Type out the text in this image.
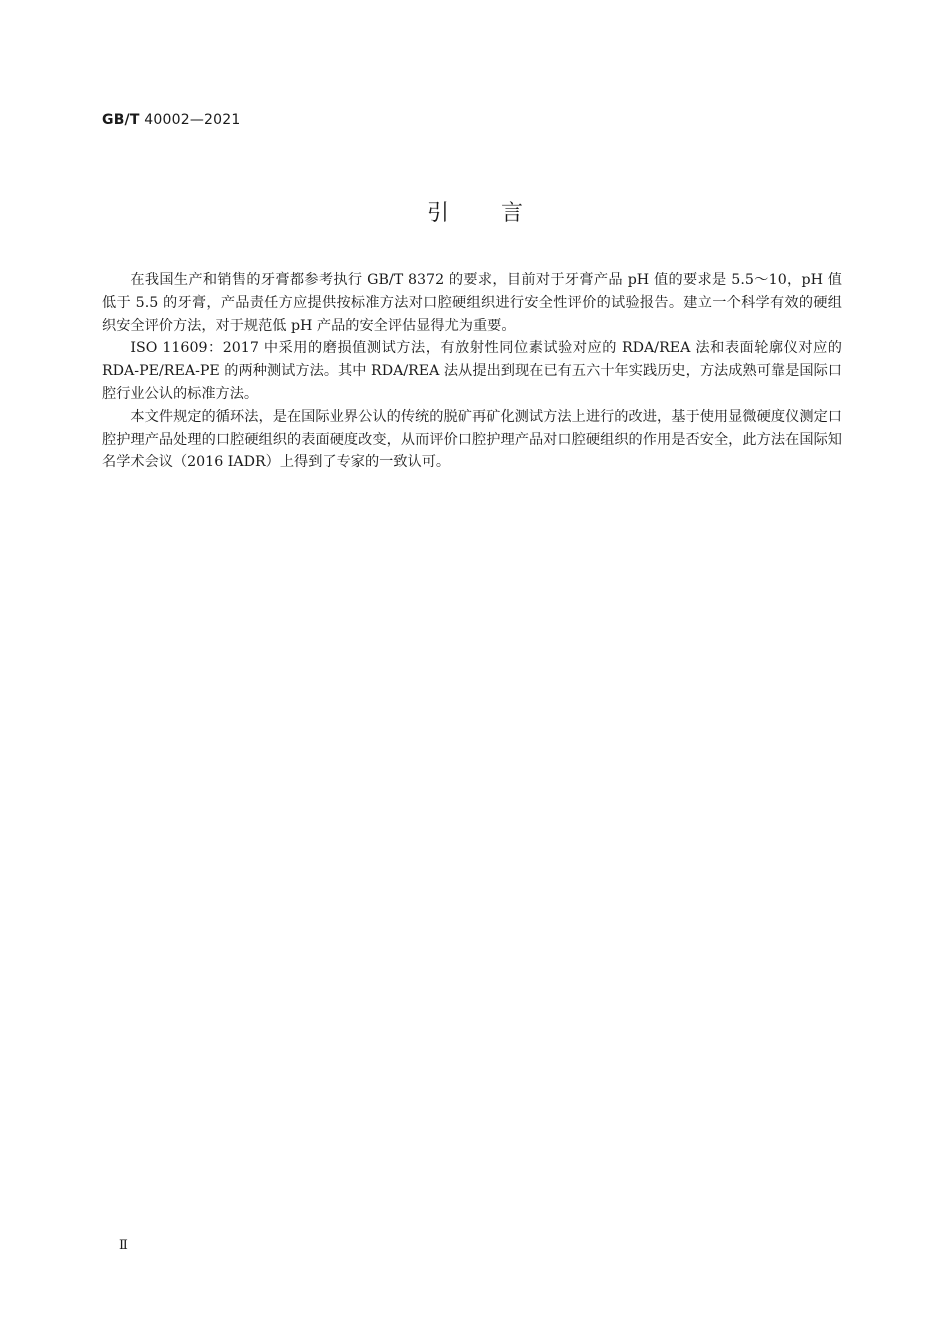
GB/T 40002—2021
引言

在我国生产和销售的牙膏都参考执行 GB/T 8372 的要求，目前对于牙膏产品 pH 值的要求是 5.5～10，pH 值低于 5.5 的牙膏，产品责任方应提供按标准方法对口腔硬组织进行安全性评价的试验报告。建立一个科学有效的硬组织安全评价方法，对于规范低 pH 产品的安全评估显得尤为重要。

ISO 11609：2017 中采用的磨损值测试方法，有放射性同位素试验对应的 RDA/REA 法和表面轮廓仪对应的 RDA-PE/REA-PE 的两种测试方法。其中 RDA/REA 法从提出到现在已有五六十年实践历史，方法成熟可靠是国际口腔行业公认的标准方法。

本文件规定的循环法，是在国际业界公认的传统的脱矿再矿化测试方法上进行的改进，基于使用显微硬度仪测定口腔护理产品处理的口腔硬组织的表面硬度改变，从而评价口腔护理产品对口腔硬组织的作用是否安全，此方法在国际知名学术会议（2016 IADR）上得到了专家的一致认可。

Ⅱ
